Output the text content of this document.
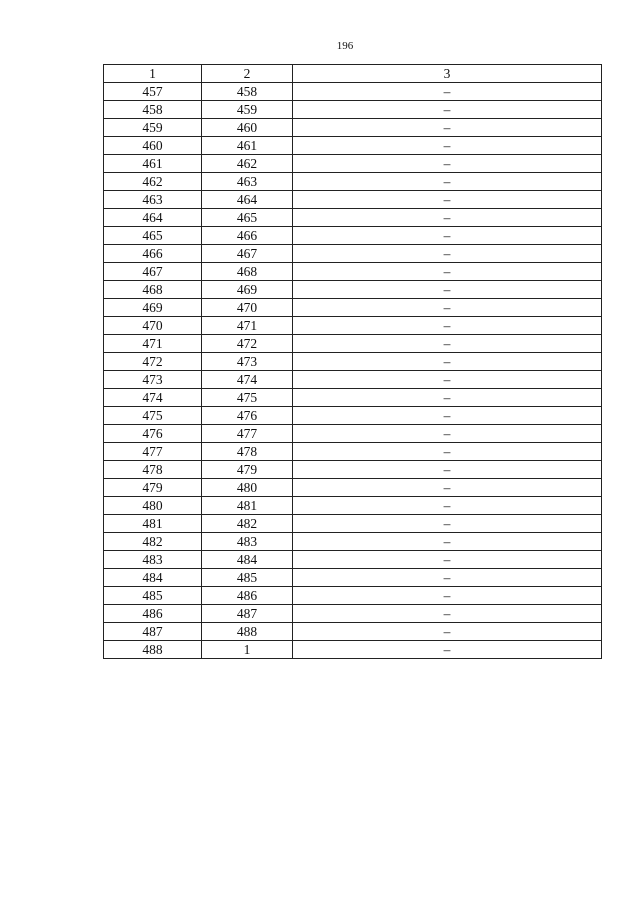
196
1	2	3
457	458	–
458	459	–
459	460	–
460	461	–
461	462	–
462	463	–
463	464	–
464	465	–
465	466	–
466	467	–
467	468	–
468	469	–
469	470	–
470	471	–
471	472	–
472	473	–
473	474	–
474	475	–
475	476	–
476	477	–
477	478	–
478	479	–
479	480	–
480	481	–
481	482	–
482	483	–
483	484	–
484	485	–
485	486	–
486	487	–
487	488	–
488	1	–
